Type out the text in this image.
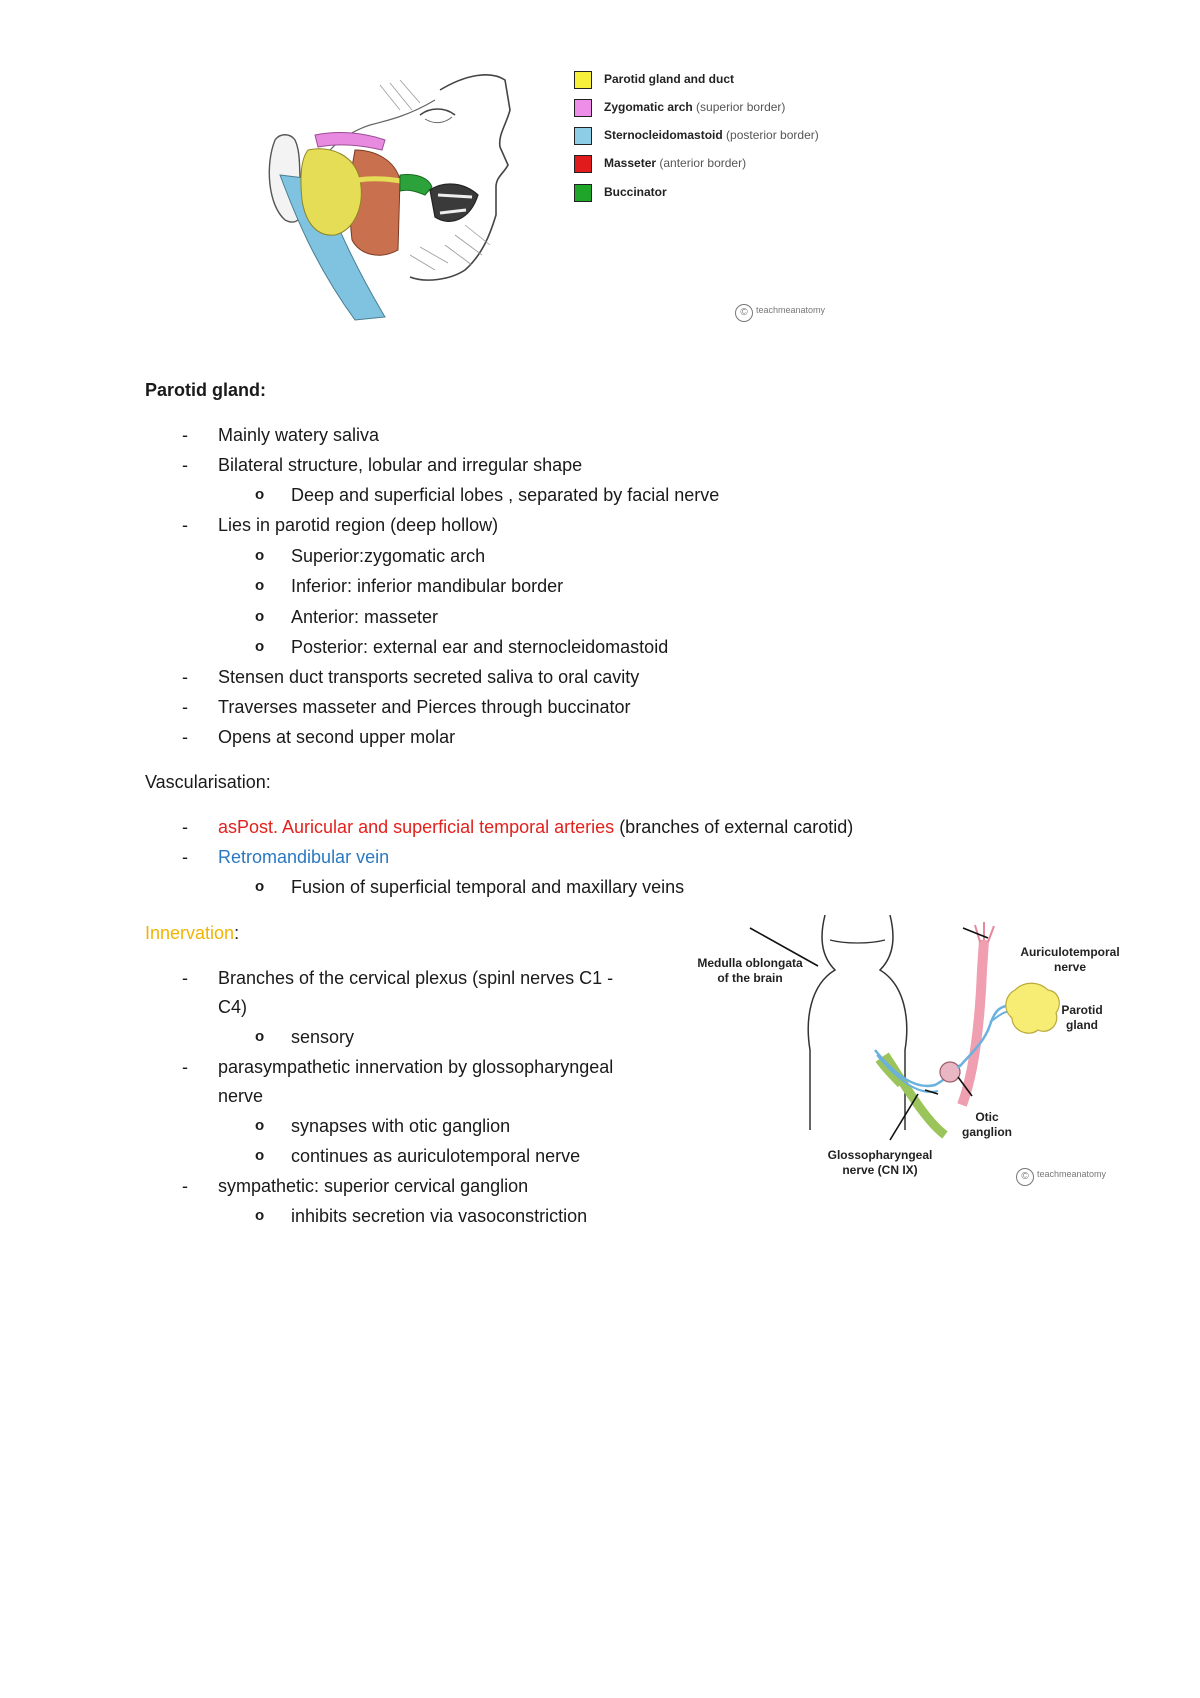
Parotid gland and duct
Zygomatic arch (superior border)
Sternocleidomastoid (posterior border)
Masseter (anterior border)
Buccinator
© teachmeanatomy
Parotid gland:
- Mainly watery saliva
- Bilateral structure, lobular and irregular shape
o Deep and superficial lobes , separated by facial nerve
- Lies in parotid region (deep hollow)
o Superior:zygomatic arch
o Inferior: inferior mandibular border
o Anterior: masseter
o Posterior: external ear and sternocleidomastoid
- Stensen duct transports secreted saliva to oral cavity
- Traverses masseter and Pierces through buccinator
- Opens at second upper molar
Vascularisation:
- asPost. Auricular and superficial temporal arteries (branches of external carotid)
- Retromandibular vein
o Fusion of superficial temporal and maxillary veins
Innervation:
- Branches of the cervical plexus (spinl nerves C1 -
C4)
o sensory
- parasympathetic innervation by glossopharyngeal
nerve
o synapses with otic ganglion
o continues as auriculotemporal nerve
- sympathetic: superior cervical ganglion
o inhibits secretion via vasoconstriction
Medulla oblongata
of the brain
Auriculotemporal
nerve
Parotid
gland
Otic
ganglion
Glossopharyngeal
nerve (CN IX)	© teachmeanatomy
